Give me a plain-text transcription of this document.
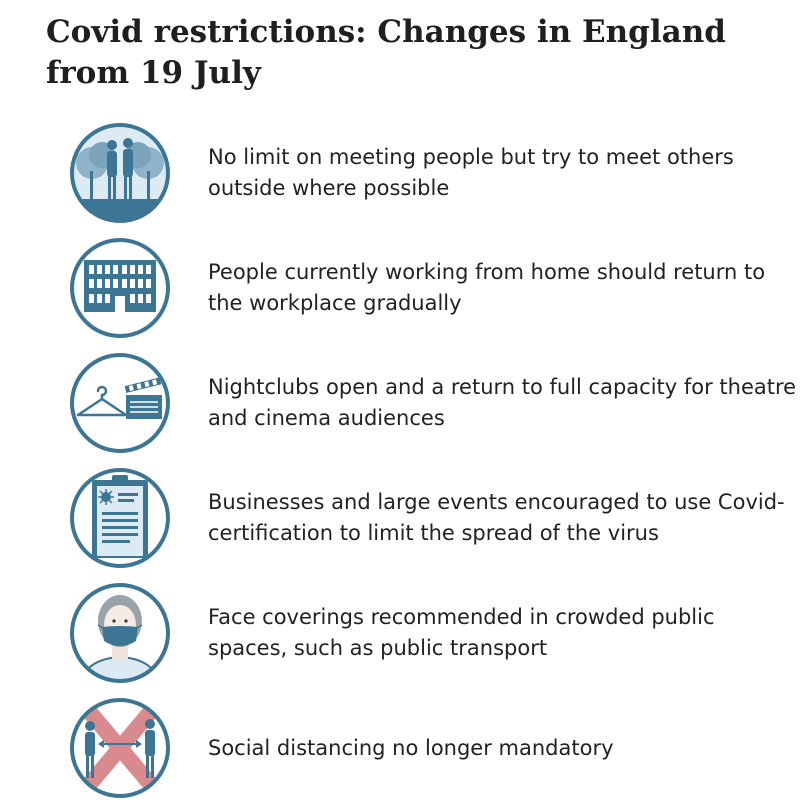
Covid restrictions: Changes in England from 19 July
No limit on meeting people but try to meet others outside where possible
People currently working from home should return to the workplace gradually
Nightclubs open and a return to full capacity for theatre and cinema audiences
Businesses and large events encouraged to use Covid-certification to limit the spread of the virus
Face coverings recommended in crowded public spaces, such as public transport
Social distancing no longer mandatory
